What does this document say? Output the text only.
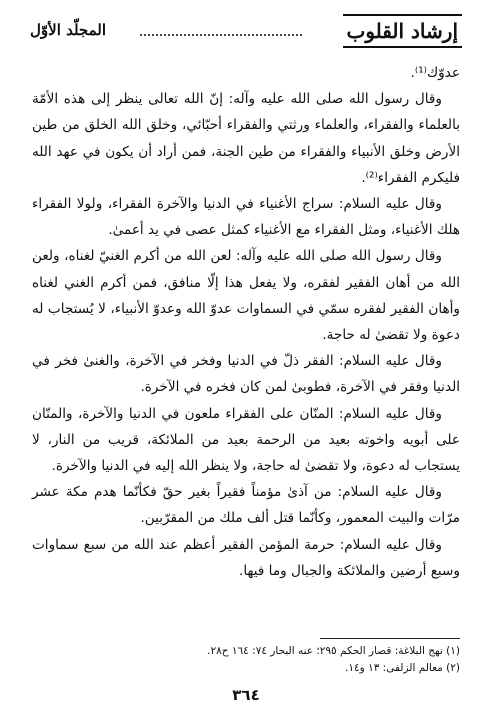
إرشاد القلوب
المجلّد الأوّل

عدوّك⁽¹⁾.

وقال رسول الله صلى الله عليه وآله: إنّ الله تعالى ينظر إلى هذه الأمّة بالعلماء والفقراء، والعلماء ورثتي والفقراء أحبّائي، وخلق الله الخلق من طين الأرض وخلق الأنبياء والفقراء من طين الجنة، فمن أراد أن يكون في عهد الله فليكرم الفقراء⁽²⁾.

وقال عليه السلام: سراج الأغنياء في الدنيا والآخرة الفقراء، ولولا الفقراء هلك الأغنياء، ومثل الفقراء مع الأغنياء كمثل عصى في يد أعمىٰ.

وقال رسول الله صلى الله عليه وآله: لعن الله من أكرم الغنيّ لغناه، ولعن الله من أهان الفقير لفقره، ولا يفعل هذا إلّا منافق، فمن أكرم الغني لغناه وأهان الفقير لفقره سمّي في السماوات عدوّ الله وعدوّ الأنبياء، لا يُستجاب له دعوة ولا تقضىٰ له حاجة.

وقال عليه السلام: الفقر ذلّ في الدنيا وفخر في الآخرة، والغنىٰ فخر في الدنيا وفقر في الآخرة، فطوبىٰ لمن كان فخره في الآخرة.

وقال عليه السلام: المنّان على الفقراء ملعون في الدنيا والآخرة، والمنّان على أبويه واخوته بعيد من الرحمة بعيد من الملائكة، قريب من النار، لا يستجاب له دعوة، ولا تقضىٰ له حاجة، ولا ينظر الله إليه في الدنيا والآخرة.

وقال عليه السلام: من آذىٰ مؤمناً فقيراً بغير حقّ فكأنّما هدم مكة عشر مرّات والبيت المعمور، وكأنّما قتل ألف ملك من المقرّبين.

وقال عليه السلام: حرمة المؤمن الفقير أعظم عند الله من سبع سماوات وسبع أرضين والملائكة والجبال وما فيها.

(١) نهج البلاغة: قصار الحكم ٢٩٥؛ عنه البحار ٧٤: ١٦٤ ح٢٨.

(٢) معالم الزلفى: ١٣ و١٤.

٣٦٤
